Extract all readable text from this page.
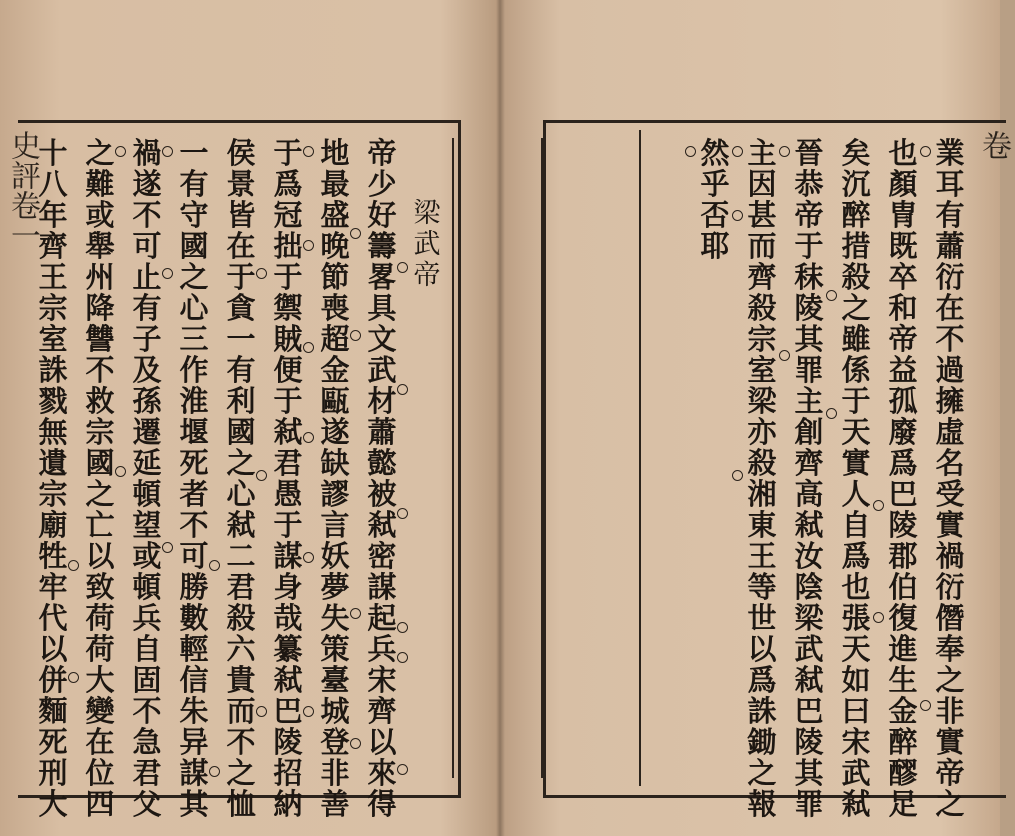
史評卷一	梁
武
帝
帝
少
好
籌
畧
具
文
武
材
蕭
懿
被
弒
密
謀
起
兵
宋
齊
以
來
得
地
最
盛
晚
節
喪
超
金
甌
遂
缺
謬
言
妖
夢
失
策
臺
城
登
非
善
于
爲
冠
拙
于
禦
賊
便
于
弒
君
愚
于
謀
身
哉
纂
弒
巴
陵
招
納
侯
景
皆
在
于
貪
一
有
利
國
之
心
弒
二
君
殺
六
貴
而
不
之
恤
一
有
守
國
之
心
三
作
淮
堰
死
者
不
可
勝
數
輕
信
朱
异
謀
其
禍
遂
不
可
止
有
子
及
孫
遷
延
頓
望
或
頓
兵
自
固
不
急
君
父
之
難
或
舉
州
降
讐
不
救
宗
國
之
亡
以
致
荷
荷
大
變
在
位
四
十
八
年
齊
王
宗
室
誅
戮
無
遺
宗
廟
牲
牢
代
以
併
麵
死
刑
大
卷
業
耳
有
蕭
衍
在
不
過
擁
虛
名
受
實
禍
衍
僭
奉
之
非
實
帝
之
也
顏
冑
既
卒
和
帝
益
孤
廢
爲
巴
陵
郡
伯
復
進
生
金
醉
醪
足
矣
沉
醉
措
殺
之
雖
係
于
天
實
人
自
爲
也
張
天
如
曰
宋
武
弒
晉
恭
帝
于
秣
陵
其
罪
主
創
齊
高
弒
汝
陰
梁
武
弒
巴
陵
其
罪
主
因
甚
而
齊
殺
宗
室
梁
亦
殺
湘
東
王
等
世
以
爲
誅
鋤
之
報
然
乎
否
耶
